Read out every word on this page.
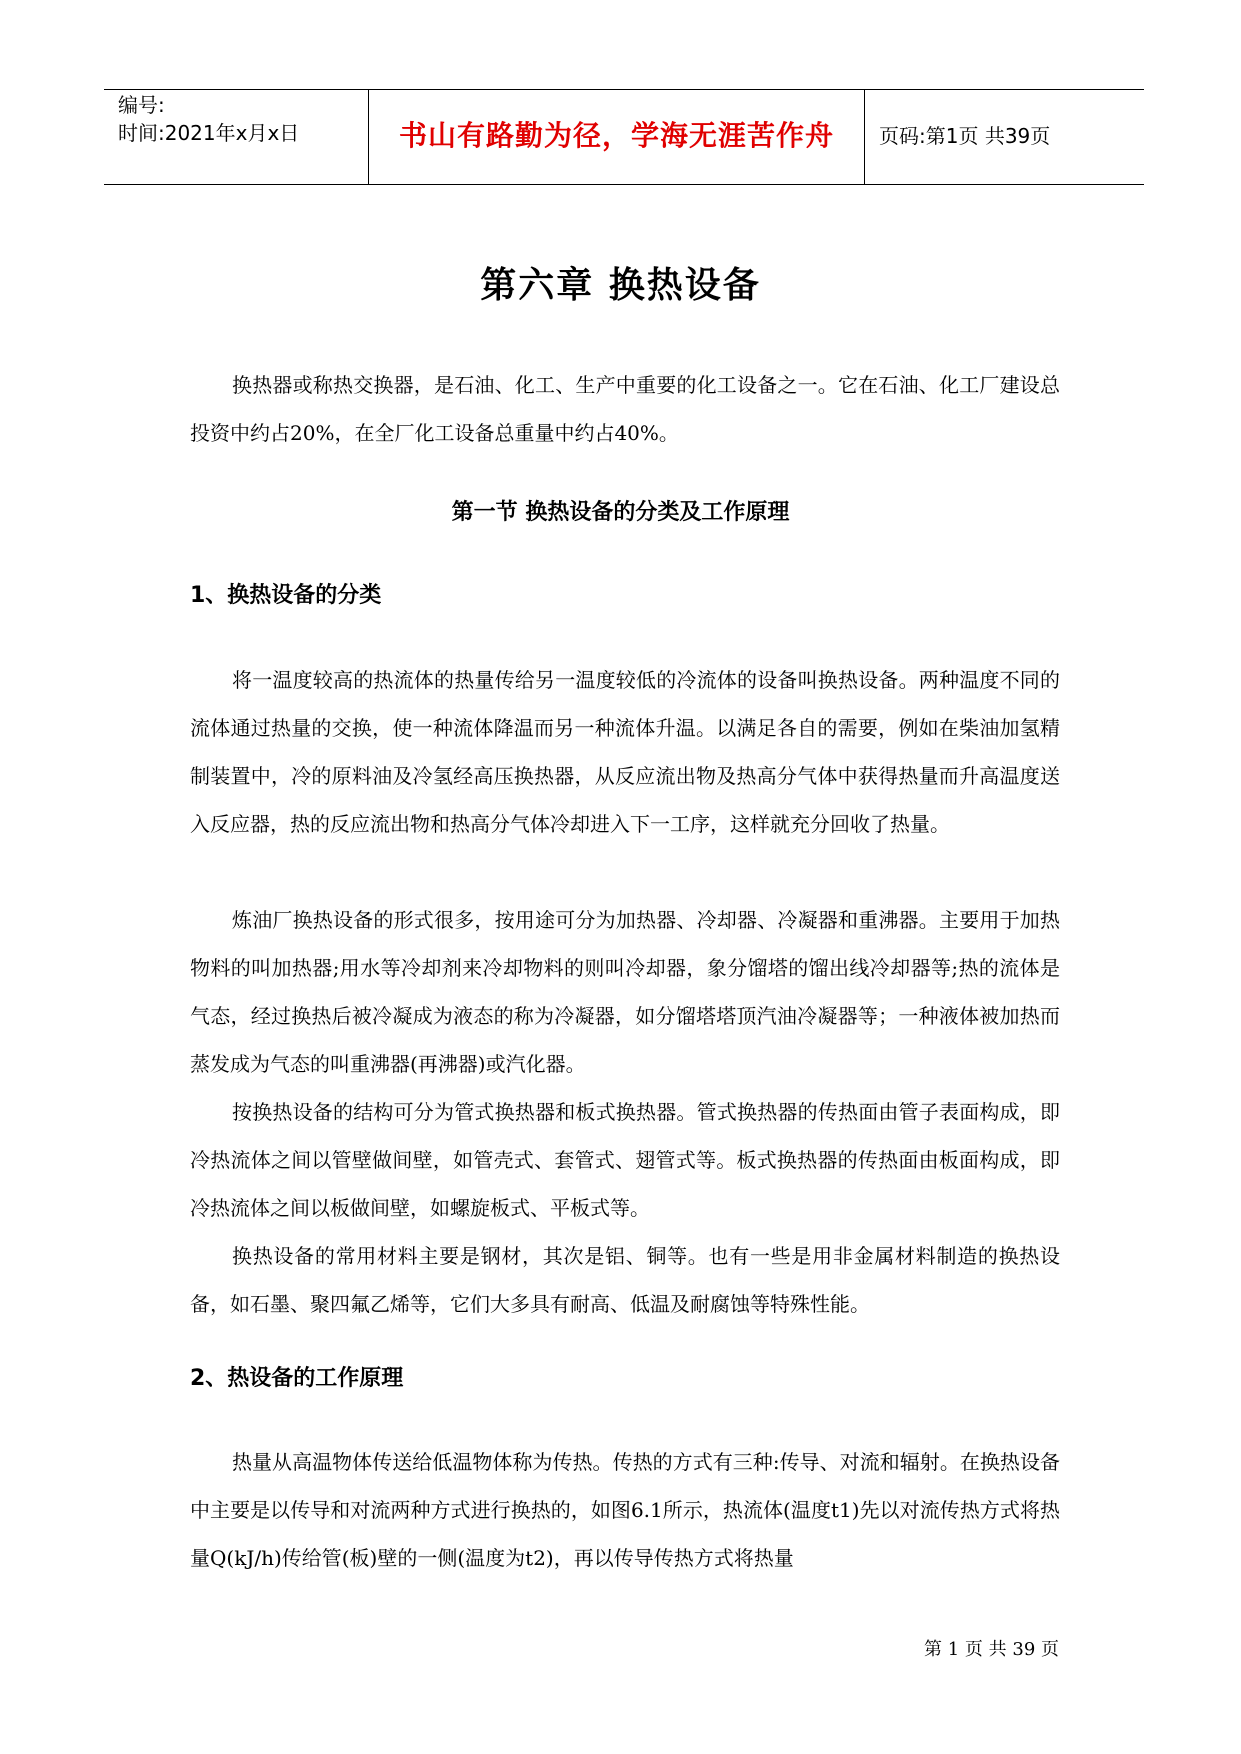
编号:
时间:2021年x月x日	书山有路勤为径，学海无涯苦作舟	页码:第1页 共39页
第六章 换热设备
换热器或称热交换器，是石油、化工、生产中重要的化工设备之一。它在石油、化工厂建设总投资中约占20%，在全厂化工设备总重量中约占40%。
第一节 换热设备的分类及工作原理
1、换热设备的分类
将一温度较高的热流体的热量传给另一温度较低的冷流体的设备叫换热设备。两种温度不同的流体通过热量的交换，使一种流体降温而另一种流体升温。以满足各自的需要，例如在柴油加氢精制装置中，冷的原料油及冷氢经高压换热器，从反应流出物及热高分气体中获得热量而升高温度送入反应器，热的反应流出物和热高分气体冷却进入下一工序，这样就充分回收了热量。
炼油厂换热设备的形式很多，按用途可分为加热器、冷却器、冷凝器和重沸器。主要用于加热物料的叫加热器;用水等冷却剂来冷却物料的则叫冷却器，象分馏塔的馏出线冷却器等;热的流体是气态，经过换热后被冷凝成为液态的称为冷凝器，如分馏塔塔顶汽油冷凝器等；一种液体被加热而蒸发成为气态的叫重沸器(再沸器)或汽化器。
按换热设备的结构可分为管式换热器和板式换热器。管式换热器的传热面由管子表面构成，即冷热流体之间以管壁做间壁，如管壳式、套管式、翅管式等。板式换热器的传热面由板面构成，即冷热流体之间以板做间壁，如螺旋板式、平板式等。
换热设备的常用材料主要是钢材，其次是铝、铜等。也有一些是用非金属材料制造的换热设备，如石墨、聚四氟乙烯等，它们大多具有耐高、低温及耐腐蚀等特殊性能。
2、热设备的工作原理
热量从高温物体传送给低温物体称为传热。传热的方式有三种:传导、对流和辐射。在换热设备中主要是以传导和对流两种方式进行换热的，如图6.1所示，热流体(温度t1)先以对流传热方式将热量Q(kJ/h)传给管(板)壁的一侧(温度为t2)，再以传导传热方式将热量
第 1 页 共 39 页
